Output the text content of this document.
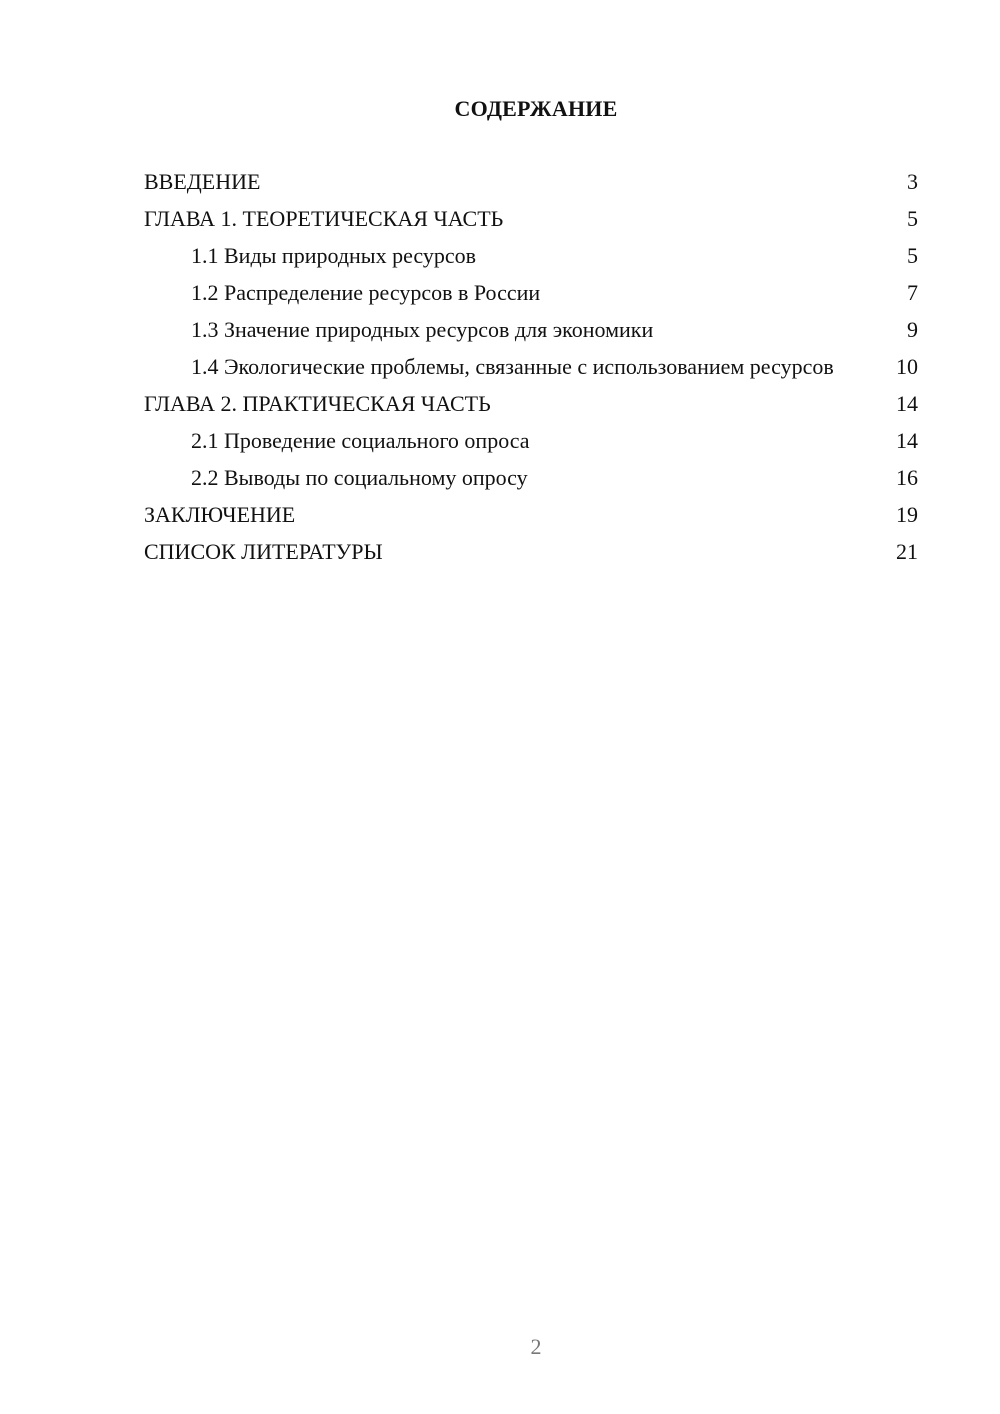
СОДЕРЖАНИЕ
ВВЕДЕНИЕ	3
ГЛАВА 1. ТЕОРЕТИЧЕСКАЯ ЧАСТЬ	5
1.1 Виды природных ресурсов	5
1.2 Распределение ресурсов в России	7
1.3 Значение природных ресурсов для экономики	9
1.4 Экологические проблемы, связанные с использованием ресурсов	10
ГЛАВА 2. ПРАКТИЧЕСКАЯ ЧАСТЬ	14
2.1 Проведение социального опроса	14
2.2 Выводы по социальному опросу	16
ЗАКЛЮЧЕНИЕ	19
СПИСОК ЛИТЕРАТУРЫ	21
2
